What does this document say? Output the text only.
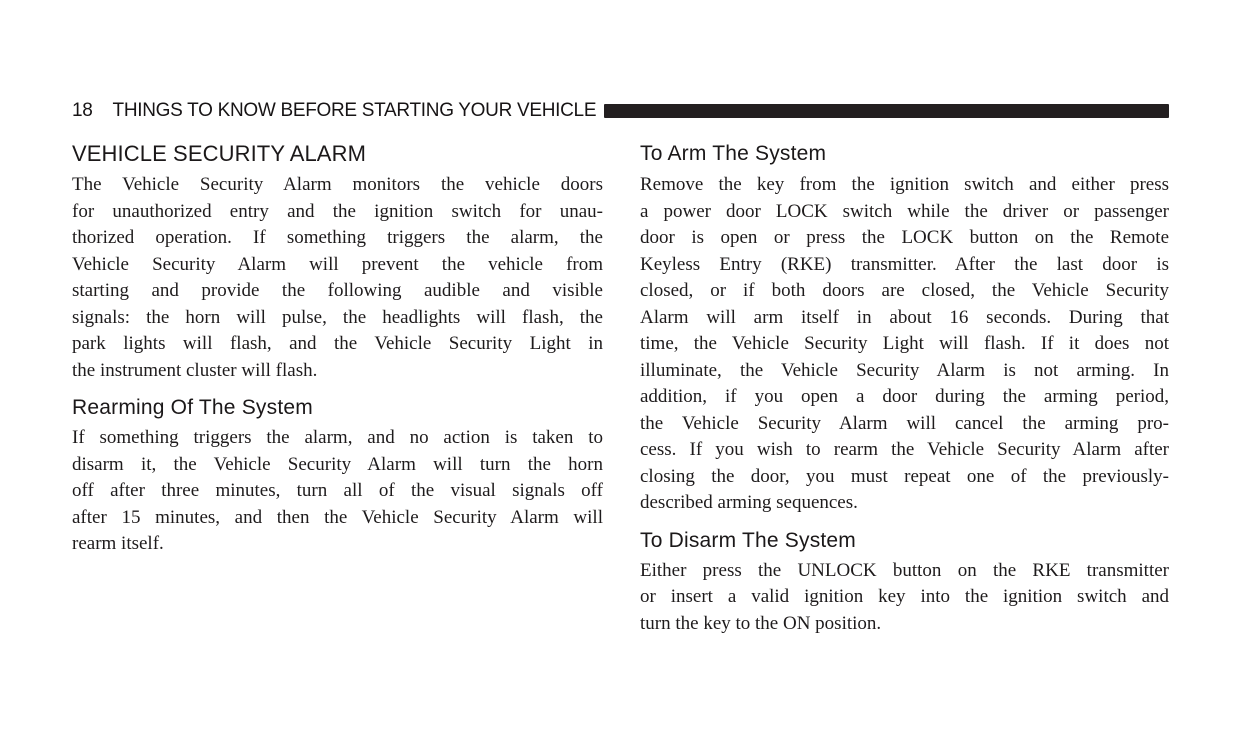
18 THINGS TO KNOW BEFORE STARTING YOUR VEHICLE
VEHICLE SECURITY ALARM
The Vehicle Security Alarm monitors the vehicle doors
for unauthorized entry and the ignition switch for unau-
thorized operation. If something triggers the alarm, the
Vehicle Security Alarm will prevent the vehicle from
starting and provide the following audible and visible
signals: the horn will pulse, the headlights will flash, the
park lights will flash, and the Vehicle Security Light in
the instrument cluster will flash.
Rearming Of The System
If something triggers the alarm, and no action is taken to
disarm it, the Vehicle Security Alarm will turn the horn
off after three minutes, turn all of the visual signals off
after 15 minutes, and then the Vehicle Security Alarm will
rearm itself.
To Arm The System
Remove the key from the ignition switch and either press
a power door LOCK switch while the driver or passenger
door is open or press the LOCK button on the Remote
Keyless Entry (RKE) transmitter. After the last door is
closed, or if both doors are closed, the Vehicle Security
Alarm will arm itself in about 16 seconds. During that
time, the Vehicle Security Light will flash. If it does not
illuminate, the Vehicle Security Alarm is not arming. In
addition, if you open a door during the arming period,
the Vehicle Security Alarm will cancel the arming pro-
cess. If you wish to rearm the Vehicle Security Alarm after
closing the door, you must repeat one of the previously-
described arming sequences.
To Disarm The System
Either press the UNLOCK button on the RKE transmitter
or insert a valid ignition key into the ignition switch and
turn the key to the ON position.
